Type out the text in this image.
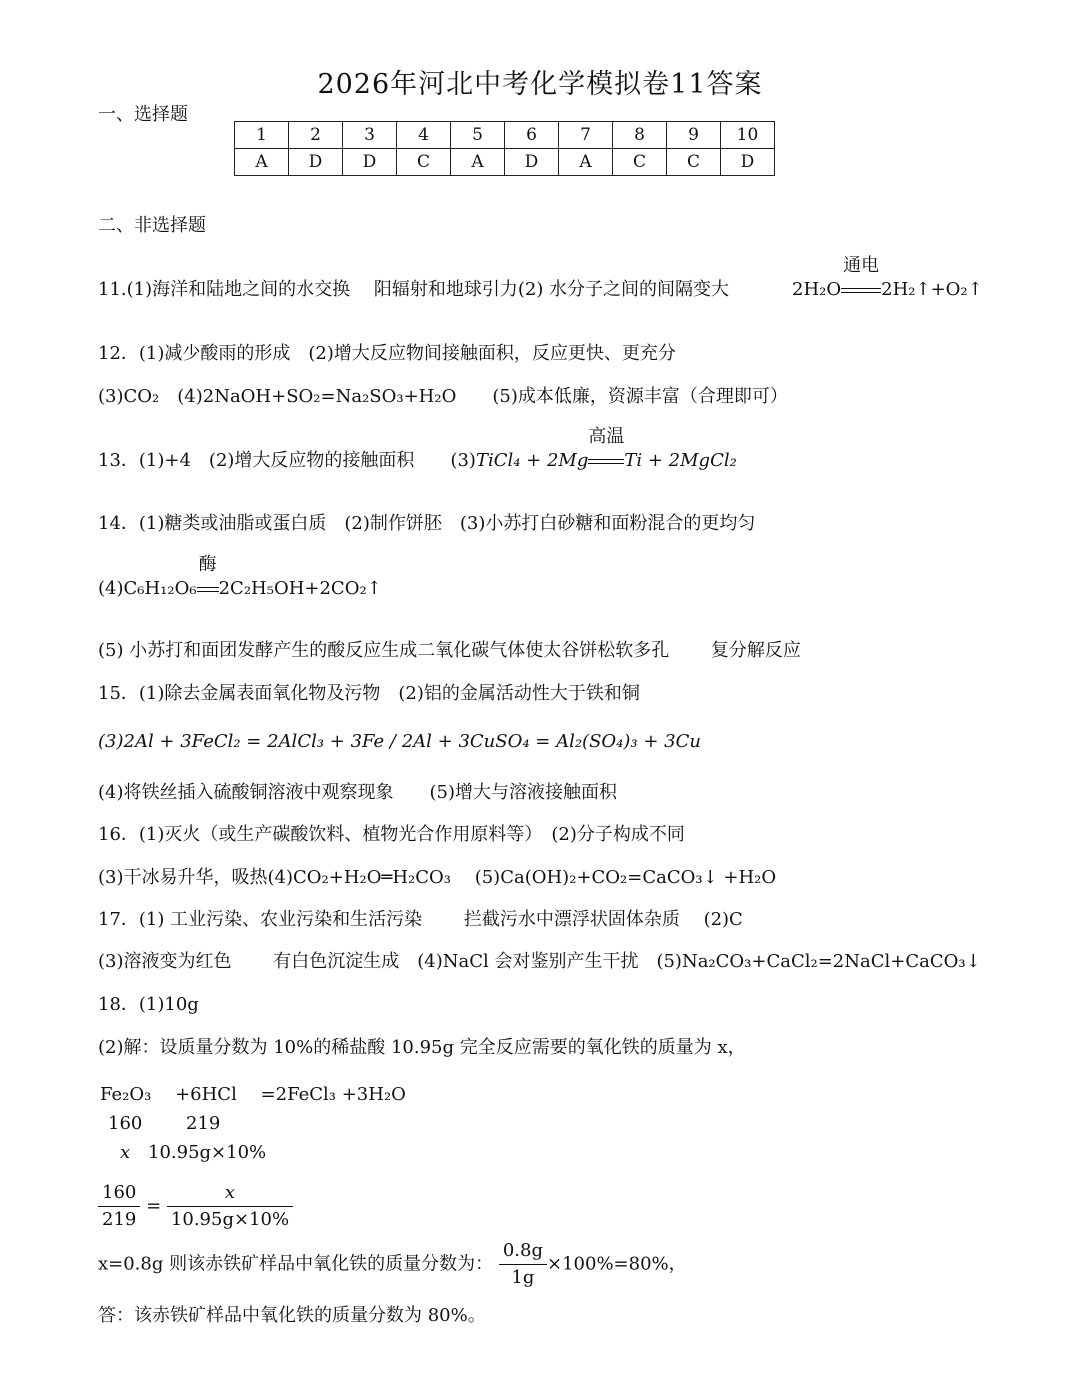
2026年河北中考化学模拟卷11答案
一、选择题
1	2	3	4	5	6	7	8	9	10
A	D	D	C	A	D	A	C	C	D
二、非选择题
11.(1)海洋和陆地之间的水交换　 阳辐射和地球引力(2) 水分子之间的间隔变大	2H₂O
通电
2H₂↑+O₂↑
12．(1)减少酸雨的形成　(2)增大反应物间接触面积，反应更快、更充分
(3)CO₂　(4)2NaOH+SO₂=Na₂SO₃+H₂O　　(5)成本低廉，资源丰富（合理即可）
13．(1)+4　(2)增大反应物的接触面积　　(3)TiCl₄ + 2Mg
高温
Ti + 2MgCl₂
14．(1)糖类或油脂或蛋白质　(2)制作饼胚　(3)小苏打白砂糖和面粉混合的更均匀
(4)C₆H₁₂O₆
酶
2C₂H₅OH+2CO₂↑
(5) 小苏打和面团发酵产生的酸反应生成二氧化碳气体使太谷饼松软多孔　　 复分解反应
15．(1)除去金属表面氧化物及污物　(2)铝的金属活动性大于铁和铜
(3)2Al + 3FeCl₂ = 2AlCl₃ + 3Fe / 2Al + 3CuSO₄ = Al₂(SO₄)₃ + 3Cu
(4)将铁丝插入硫酸铜溶液中观察现象　　(5)增大与溶液接触面积
16．(1)灭火（或生产碳酸饮料、植物光合作用原料等）　(2)分子构成不同
(3)干冰易升华，吸热(4)CO₂+H₂O═H₂CO₃　 (5)Ca(OH)₂+CO₂=CaCO₃↓ +H₂O
17．(1) 工业污染、农业污染和生活污染　　 拦截污水中漂浮状固体杂质　 (2)C
(3)溶液变为红色　　 有白色沉淀生成　(4)NaCl 会对鉴别产生干扰　(5)Na₂CO₃+CaCl₂=2NaCl+CaCO₃↓
18．(1)10g
(2)解：设质量分数为 10%的稀盐酸 10.95g 完全反应需要的氧化铁的质量为 x，
Fe₂O₃　 +6HCl　 =2FeCl₃ +3H₂O
160 219
x 10.95g×10%
$\frac{160}{219} = \frac{x}{10.95g\times 10\%}$
x=0.8g 则该赤铁矿样品中氧化铁的质量分数为： $\frac{0.8g}{1g} \times 100\%=80\%$，
答：该赤铁矿样品中氧化铁的质量分数为 80%。
